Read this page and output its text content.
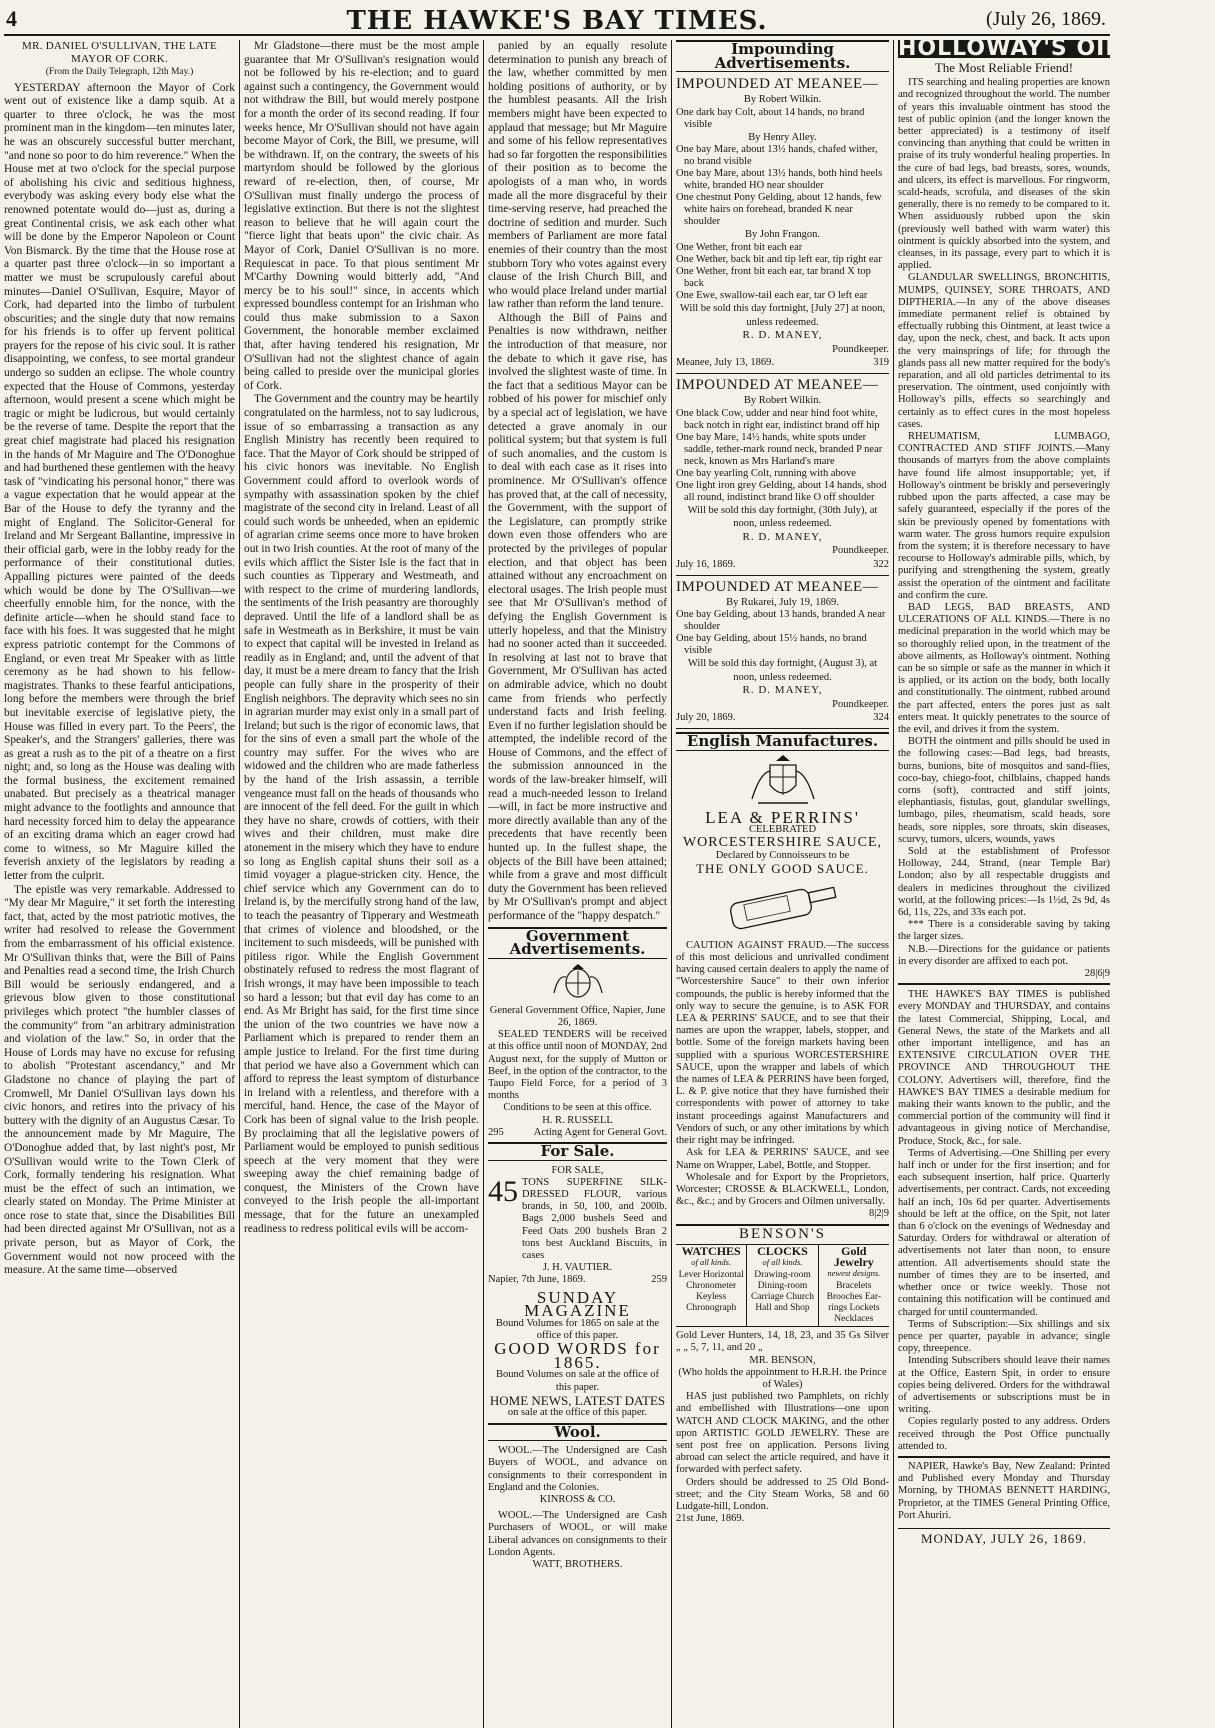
4	THE HAWKE'S BAY TIMES.	(July 26, 1869.
MR. DANIEL O'SULLIVAN, THE LATE MAYOR OF CORK.
(From the Daily Telegraph, 12th May.)

YESTERDAY afternoon the Mayor of Cork went out of existence like a damp squib. At a quarter to three o'clock, he was the most prominent man in the kingdom—ten minutes later, he was an obscurely successful butter merchant, "and none so poor to do him reverence." When the House met at two o'clock for the special purpose of abolishing his civic and seditious highness, everybody was asking every body else what the renowned potentate would do—just as, during a great Continental crisis, we ask each other what will be done by the Emperor Napoleon or Count Von Bismarck. By the time that the House rose at a quarter past three o'clock—in so important a matter we must be scrupulously careful about minutes—Daniel O'Sullivan, Esquire, Mayor of Cork, had departed into the limbo of turbulent obscurities; and the single duty that now remains for his friends is to offer up fervent political prayers for the repose of his civic soul. It is rather disappointing, we confess, to see mortal grandeur undergo so sudden an eclipse. The whole country expected that the House of Commons, yesterday afternoon, would present a scene which might be tragic or might be ludicrous, but would certainly be the reverse of tame. Despite the report that the great chief magistrate had placed his resignation in the hands of Mr Maguire and The O'Donoghue and had burthened these gentlemen with the heavy task of "vindicating his personal honor," there was a vague expectation that he would appear at the Bar of the House to defy the tyranny and the might of England. The Solicitor-General for Ireland and Mr Sergeant Ballantine, impressive in their official garb, were in the lobby ready for the performance of their constitutional duties. Appalling pictures were painted of the deeds which would be done by The O'Sullivan—we cheerfully ennoble him, for the nonce, with the definite article—when he should stand face to face with his foes. It was suggested that he might express patriotic contempt for the Commons of England, or even treat Mr Speaker with as little ceremony as he had shown to his fellow-magistrates. Thanks to these fearful anticipations, long before the members were through the brief but inevitable exercise of legislative piety, the House was filled in every part. To the Peers', the Speaker's, and the Strangers' galleries, there was as great a rush as to the pit of a theatre on a first night; and, so long as the House was dealing with the formal business, the excitement remained unabated. But precisely as a theatrical manager might advance to the footlights and announce that hard necessity forced him to delay the appearance of an exciting drama which an eager crowd had come to witness, so Mr Maguire killed the feverish anxiety of the legislators by reading a letter from the culprit.

The epistle was very remarkable. Addressed to "My dear Mr Maguire," it set forth the interesting fact, that, acted by the most patriotic motives, the writer had resolved to release the Government from the embarrassment of his official existence. Mr O'Sullivan thinks that, were the Bill of Pains and Penalties read a second time, the Irish Church Bill would be seriously endangered, and a grievous blow given to those constitutional privileges which protect "the humbler classes of the community" from "an arbitrary administration and violation of the law." So, in order that the House of Lords may have no excuse for refusing to abolish "Protestant ascendancy," and Mr Gladstone no chance of playing the part of Cromwell, Mr Daniel O'Sullivan lays down his civic honors, and retires into the privacy of his buttery with the dignity of an Augustus Cæsar. To the announcement made by Mr Maguire, The O'Donoghue added that, by last night's post, Mr O'Sullivan would write to the Town Clerk of Cork, formally tendering his resignation. What must be the effect of such an intimation, we clearly stated on Monday. The Prime Minister at once rose to state that, since the Disabilities Bill had been directed against Mr O'Sullivan, not as a private person, but as Mayor of Cork, the Government would not now proceed with the measure. At the same time—observed

Mr Gladstone—there must be the most ample guarantee that Mr O'Sullivan's resignation would not be followed by his re-election; and to guard against such a contingency, the Government would not withdraw the Bill, but would merely postpone for a month the order of its second reading. If four weeks hence, Mr O'Sullivan should not have again become Mayor of Cork, the Bill, we presume, will be withdrawn. If, on the contrary, the sweets of his martyrdom should be followed by the glorious reward of re-election, then, of course, Mr O'Sullivan must finally undergo the process of legislative extinction. But there is not the slightest reason to believe that he will again court the "fierce light that beats upon" the civic chair. As Mayor of Cork, Daniel O'Sullivan is no more. Requiescat in pace. To that pious sentiment Mr M'Carthy Downing would bitterly add, "And mercy be to his soul!" since, in accents which expressed boundless contempt for an Irishman who could thus make submission to a Saxon Government, the honorable member exclaimed that, after having tendered his resignation, Mr O'Sullivan had not the slightest chance of again being called to preside over the municipal glories of Cork.

The Government and the country may be heartily congratulated on the harmless, not to say ludicrous, issue of so embarrassing a transaction as any English Ministry has recently been required to face. That the Mayor of Cork should be stripped of his civic honors was inevitable. No English Government could afford to overlook words of sympathy with assassination spoken by the chief magistrate of the second city in Ireland. Least of all could such words be unheeded, when an epidemic of agrarian crime seems once more to have broken out in two Irish counties. At the root of many of the evils which afflict the Sister Isle is the fact that in such counties as Tipperary and Westmeath, and with respect to the crime of murdering landlords, the sentiments of the Irish peasantry are thoroughly depraved. Until the life of a landlord shall be as safe in Westmeath as in Berkshire, it must be vain to expect that capital will be invested in Ireland as readily as in England; and, until the advent of that day, it must be a mere dream to fancy that the Irish people can fully share in the prosperity of their English neighbors. The depravity which sees no sin in agrarian murder may exist only in a small part of Ireland; but such is the rigor of economic laws, that for the sins of even a small part the whole of the country may suffer. For the wives who are widowed and the children who are made fatherless by the hand of the Irish assassin, a terrible vengeance must fall on the heads of thousands who are innocent of the fell deed. For the guilt in which they have no share, crowds of cottiers, with their wives and their children, must make dire atonement in the misery which they have to endure so long as English capital shuns their soil as a timid voyager a plague-stricken city. Hence, the chief service which any Government can do to Ireland is, by the mercifully strong hand of the law, to teach the peasantry of Tipperary and Westmeath that crimes of violence and bloodshed, or the incitement to such misdeeds, will be punished with pitiless rigor. While the English Government obstinately refused to redress the most flagrant of Irish wrongs, it may have been impossible to teach so hard a lesson; but that evil day has come to an end. As Mr Bright has said, for the first time since the union of the two countries we have now a Parliament which is prepared to render them an ample justice to Ireland. For the first time during that period we have also a Government which can afford to repress the least symptom of disturbance in Ireland with a relentless, and therefore with a merciful, hand. Hence, the case of the Mayor of Cork has been of signal value to the Irish people. By proclaiming that all the legislative powers of Parliament would be employed to punish seditious speech at the very moment that they were sweeping away the chief remaining badge of conquest, the Ministers of the Crown have conveyed to the Irish people the all-important message, that for the future an unexampled readiness to redress political evils will be accom-

panied by an equally resolute determination to punish any breach of the law, whether committed by men holding positions of authority, or by the humblest peasants. All the Irish members might have been expected to applaud that message; but Mr Maguire and some of his fellow representatives had so far forgotten the responsibilities of their position as to become the apologists of a man who, in words made all the more disgraceful by their time-serving reserve, had preached the doctrine of sedition and murder. Such members of Parliament are more fatal enemies of their country than the most stubborn Tory who votes against every clause of the Irish Church Bill, and who would place Ireland under martial law rather than reform the land tenure.

Although the Bill of Pains and Penalties is now withdrawn, neither the introduction of that measure, nor the debate to which it gave rise, has involved the slightest waste of time. In the fact that a seditious Mayor can be robbed of his power for mischief only by a special act of legislation, we have detected a grave anomaly in our political system; but that system is full of such anomalies, and the custom is to deal with each case as it rises into prominence. Mr O'Sullivan's offence has proved that, at the call of necessity, the Government, with the support of the Legislature, can promptly strike down even those offenders who are protected by the privileges of popular election, and that object has been attained without any encroachment on electoral usages. The Irish people must see that Mr O'Sullivan's method of defying the English Government is utterly hopeless, and that the Ministry had no sooner acted than it succeeded. In resolving at last not to brave that Government, Mr O'Sullivan has acted on admirable advice, which no doubt came from friends who perfectly understand facts and Irish feeling. Even if no further legislation should be attempted, the indelible record of the House of Commons, and the effect of the submission announced in the words of the law-breaker himself, will read a much-needed lesson to Ireland—will, in fact be more instructive and more directly available than any of the precedents that have recently been hunted up. In the fullest shape, the objects of the Bill have been attained; while from a grave and most difficult duty the Government has been relieved by Mr O'Sullivan's prompt and abject performance of the "happy despatch."

Government Advertisements.
General Government Office, Napier, June 26, 1869.

SEALED TENDERS will be received at this office until noon of MONDAY, 2nd August next, for the supply of Mutton or Beef, in the option of the contractor, to the Taupo Field Force, for a period of 3 months

Conditions to be seen at this office.
H. R. RUSSELL
295	Acting Agent for General Govt.
For Sale.
FOR SALE,
45 TONS SUPERFINE SILK-DRESSED FLOUR, various brands, in 50, 100, and 200lb. Bags 2,000 bushels Seed and Feed Oats 200 bushels Bran 2 tons best Auckland Biscuits, in cases
J. H. VAUTIER.
Napier, 7th June, 1869.	259
SUNDAY MAGAZINE
Bound Volumes for 1865 on sale at the office of this paper.
GOOD WORDS for 1865.
Bound Volumes on sale at the office of this paper.
HOME NEWS, LATEST DATES
on sale at the office of this paper.
Wool.

WOOL.—The Undersigned are Cash Buyers of WOOL, and advance on consignments to their correspondent in England and the Colonies.

KINROSS & CO.

WOOL.—The Undersigned are Cash Purchasers of WOOL, or will make Liberal advances on consignments to their London Agents.

WATT, BROTHERS.
Impounding Advertisements.
IMPOUNDED AT MEANEE—
By Robert Wilkin.
One dark bay Colt, about 14 hands, no brand visible
By Henry Alley.
One bay Mare, about 13½ hands, chafed wither, no brand visible
One bay Mare, about 13½ hands, both hind heels white, branded HO near shoulder
One chestnut Pony Gelding, about 12 hands, few white hairs on forehead, branded K near shoulder
By John Frangon.
One Wether, front bit each ear
One Wether, back bit and tip left ear, tip right ear
One Wether, front bit each ear, tar brand X top back
One Ewe, swallow-tail each ear, tar O left ear
Will be sold this day fortnight, [July 27] at noon, unless redeemed.
R. D. MANEY,
Poundkeeper.
Meanee, July 13, 1869.	319
IMPOUNDED AT MEANEE—
By Robert Wilkin.
One black Cow, udder and near hind foot white, back notch in right ear, indistinct brand off hip
One bay Mare, 14½ hands, white spots under saddle, tether-mark round neck, branded P near neck, known as Mrs Harland's mare
One bay yearling Colt, running with above
One light iron grey Gelding, about 14 hands, shod all round, indistinct brand like O off shoulder
Will be sold this day fortnight, (30th July), at noon, unless redeemed.
R. D. MANEY,
Poundkeeper.
July 16, 1869.	322
IMPOUNDED AT MEANEE—
By Rukarei, July 19, 1869.
One bay Gelding, about 13 hands, branded A near shoulder
One bay Gelding, about 15½ hands, no brand visible
Will be sold this day fortnight, (August 3), at noon, unless redeemed.
R. D. MANEY,
Poundkeeper.
July 20, 1869.	324
English Manufactures.
LEA & PERRINS'
CELEBRATED
WORCESTERSHIRE SAUCE,
Declared by Connoisseurs to be
THE ONLY GOOD SAUCE.

CAUTION AGAINST FRAUD.—The success of this most delicious and unrivalled condiment having caused certain dealers to apply the name of "Worcestershire Sauce" to their own inferior compounds, the public is hereby informed that the only way to secure the genuine, is to ASK FOR LEA & PERRINS' SAUCE, and to see that their names are upon the wrapper, labels, stopper, and bottle. Some of the foreign markets having been supplied with a spurious WORCESTERSHIRE SAUCE, upon the wrapper and labels of which the names of LEA & PERRINS have been forged, L. & P. give notice that they have furnished their correspondents with power of attorney to take instant proceedings against Manufacturers and Vendors of such, or any other imitations by which their right may be infringed.

Ask for LEA & PERRINS' SAUCE, and see Name on Wrapper, Label, Bottle, and Stopper.

Wholesale and for Export by the Proprietors, Worcester; CROSSE & BLACKWELL, London, &c., &c.; and by Grocers and Oilmen universally.

8|2|9
BENSON'S
WATCHES
of all kinds.
Lever Horizontal Chronometer Keyless Chronograph
CLOCKS
of all kinds.
Drawing-room Dining-room Carriage Church Hall and Shop
Gold Jewelry
newest designs.
Bracelets Brooches Ear-rings Lockets Necklaces
Gold Lever Hunters, 14, 18, 23, and 35 Gs Silver „ „ 5, 7, 11, and 20 „
MR. BENSON,
(Who holds the appointment to H.R.H. the Prince of Wales)

HAS just published two Pamphlets, on richly and embellished with Illustrations—one upon WATCH AND CLOCK MAKING, and the other upon ARTISTIC GOLD JEWELRY. These are sent post free on application. Persons living abroad can select the article required, and have it forwarded with perfect safety.

Orders should be addressed to 25 Old Bond-street; and the City Steam Works, 58 and 60 Ludgate-hill, London.

21st June, 1869.
HOLLOWAY'S OINTMENT
The Most Reliable Friend!

ITS searching and healing properties are known and recognized throughout the world. The number of years this invaluable ointment has stood the test of public opinion (and the longer known the better appreciated) is a testimony of itself convincing than anything that could be written in praise of its truly wonderful healing properties. In the cure of bad legs, bad breasts, sores, wounds, and ulcers, its effect is marvellous. For ringworm, scald-heads, scrofula, and diseases of the skin generally, there is no remedy to be compared to it. When assiduously rubbed upon the skin (previously well bathed with warm water) this ointment is quickly absorbed into the system, and cleanses, in its passage, every part to which it is applied.

GLANDULAR SWELLINGS, BRONCHITIS, MUMPS, QUINSEY, SORE THROATS, AND DIPTHERIA.—In any of the above diseases immediate permanent relief is obtained by effectually rubbing this Ointment, at least twice a day, upon the neck, chest, and back. It acts upon the very mainsprings of life; for through the glands pass all new matter required for the body's reparation, and all old particles detrimental to its preservation. The ointment, used conjointly with Holloway's pills, effects so searchingly and certainly as to effect cures in the most hopeless cases.

RHEUMATISM, LUMBAGO, CONTRACTED AND STIFF JOINTS.—Many thousands of martyrs from the above complaints have found life almost insupportable; yet, if Holloway's ointment be briskly and perseveringly rubbed upon the parts affected, a case may be safely guaranteed, especially if the pores of the skin be previously opened by fomentations with warm water. The gross humors require expulsion from the system; it is therefore necessary to have recourse to Holloway's admirable pills, which, by purifying and strengthening the system, greatly assist the operation of the ointment and facilitate and confirm the cure.

BAD LEGS, BAD BREASTS, AND ULCERATIONS OF ALL KINDS.—There is no medicinal preparation in the world which may be so thoroughly relied upon, in the treatment of the above ailments, as Holloway's ointment. Nothing can be so simple or safe as the manner in which it is applied, or its action on the body, both locally and constitutionally. The ointment, rubbed around the part affected, enters the pores just as salt enters meat. It quickly penetrates to the source of the evil, and drives it from the system.

BOTH the ointment and pills should be used in the following cases:—Bad legs, bad breasts, burns, bunions, bite of mosquitos and sand-flies, coco-bay, chiego-foot, chilblains, chapped hands corns (soft), contracted and stiff joints, elephantiasis, fistulas, gout, glandular swellings, lumbago, piles, rheumatism, scald heads, sore heads, sore nipples, sore throats, skin diseases, scurvy, tumors, ulcers, wounds, yaws

Sold at the establishment of Professor Holloway, 244, Strand, (near Temple Bar) London; also by all respectable druggists and dealers in medicines throughout the civilized world, at the following prices:—Is 1½d, 2s 9d, 4s 6d, 11s, 22s, and 33s each pot.

*** There is a considerable saving by taking the larger sizes.

N.B.—Directions for the guidance or patients in every disorder are affixed to each pot.

28|6|9

THE HAWKE'S BAY TIMES is published every MONDAY and THURSDAY, and contains the latest Commercial, Shipping, Local, and General News, the state of the Markets and all other important intelligence, and has an EXTENSIVE CIRCULATION OVER THE PROVINCE AND THROUGHOUT THE COLONY. Advertisers will, therefore, find the HAWKE'S BAY TIMES a desirable medium for making their wants known to the public, and the commercial portion of the community will find it advantageous in giving notice of Merchandise, Produce, Stock, &c., for sale.

Terms of Advertising.—One Shilling per every half inch or under for the first insertion; and for each subsequent insertion, half price. Quarterly advertisements, per contract. Cards, not exceeding half an inch, 10s 6d per quarter. Advertisements should be left at the office, on the Spit, not later than 6 o'clock on the evenings of Wednesday and Saturday. Orders for withdrawal or alteration of advertisements not later than noon, to ensure attention. All advertisements should state the number of times they are to be inserted, and whether once or twice weekly. Those not containing this notification will be continued and charged for until countermanded.

Terms of Subscription:—Six shillings and six pence per quarter, payable in advance; single copy, threepence.

Intending Subscribers should leave their names at the Office, Eastern Spit, in order to ensure copies being delivered. Orders for the withdrawal of advertisements or subscriptions must be in writing.

Copies regularly posted to any address. Orders received through the Post Office punctually attended to.

NAPIER, Hawke's Bay, New Zealand: Printed and Published every Monday and Thursday Morning, by THOMAS BENNETT HARDING, Proprietor, at the TIMES General Printing Office, Port Ahuriri.

MONDAY, JULY 26, 1869.
